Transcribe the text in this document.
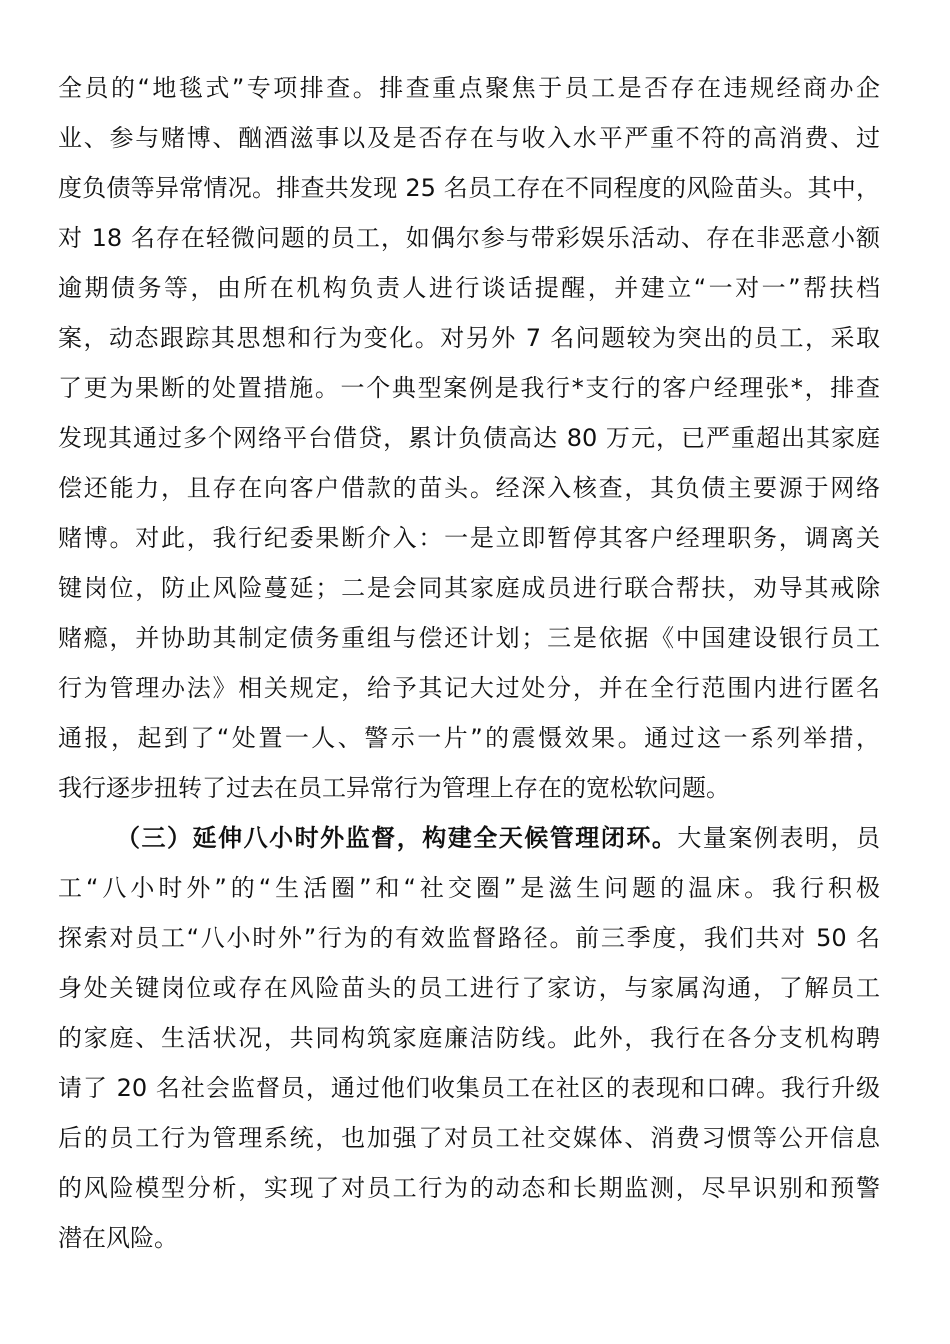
全员的“地毯式”专项排查。排查重点聚焦于员工是否存在违规经商办企
业、参与赌博、酗酒滋事以及是否存在与收入水平严重不符的高消费、过
度负债等异常情况。排查共发现 25 名员工存在不同程度的风险苗头。其中，
对 18 名存在轻微问题的员工，如偶尔参与带彩娱乐活动、存在非恶意小额
逾期债务等，由所在机构负责人进行谈话提醒，并建立“一对一”帮扶档
案，动态跟踪其思想和行为变化。对另外 7 名问题较为突出的员工，采取
了更为果断的处置措施。一个典型案例是我行*支行的客户经理张*，排查
发现其通过多个网络平台借贷，累计负债高达 80 万元，已严重超出其家庭
偿还能力，且存在向客户借款的苗头。经深入核查，其负债主要源于网络
赌博。对此，我行纪委果断介入：一是立即暂停其客户经理职务，调离关
键岗位，防止风险蔓延；二是会同其家庭成员进行联合帮扶，劝导其戒除
赌瘾，并协助其制定债务重组与偿还计划；三是依据《中国建设银行员工
行为管理办法》相关规定，给予其记大过处分，并在全行范围内进行匿名
通报，起到了“处置一人、警示一片”的震慑效果。通过这一系列举措，
我行逐步扭转了过去在员工异常行为管理上存在的宽松软问题。
（三）延伸八小时外监督，构建全天候管理闭环。大量案例表明，员
工“八小时外”的“生活圈”和“社交圈”是滋生问题的温床。我行积极
探索对员工“八小时外”行为的有效监督路径。前三季度，我们共对 50 名
身处关键岗位或存在风险苗头的员工进行了家访，与家属沟通，了解员工
的家庭、生活状况，共同构筑家庭廉洁防线。此外，我行在各分支机构聘
请了 20 名社会监督员，通过他们收集员工在社区的表现和口碑。我行升级
后的员工行为管理系统，也加强了对员工社交媒体、消费习惯等公开信息
的风险模型分析，实现了对员工行为的动态和长期监测，尽早识别和预警
潜在风险。
